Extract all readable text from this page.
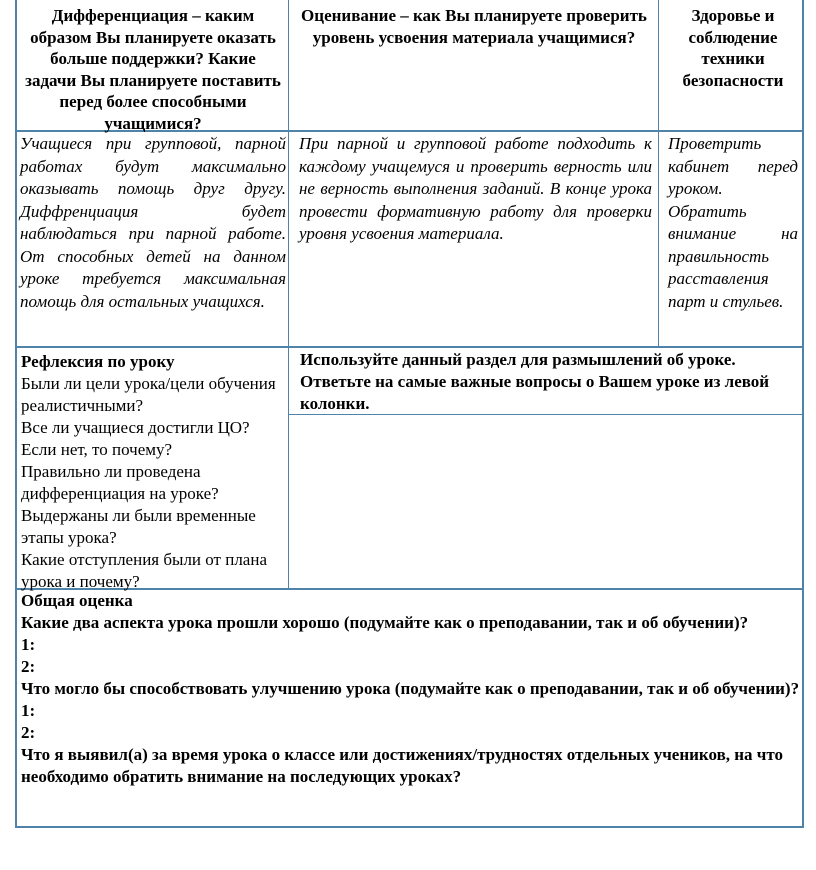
Дифференциация – каким образом Вы планируете оказать больше поддержки? Какие задачи Вы планируете поставить перед более способными учащимися?
Оценивание – как Вы планируете проверить уровень усвоения материала учащимися?
Здоровье и соблюдение техники безопасности
Учащиеся при групповой, парной работах будут максимально оказывать помощь друг другу. Диффренциация будет наблюдаться при парной работе. От способных детей на данном уроке требуется максимальная помощь для остальных учащихся.
При парной и групповой работе подходить к каждому учащемуся и проверить верность или не верность выполнения заданий. В конце урока провести формативную работу для проверки уровня усвоения материала.
Проветрить кабинет перед уроком. Обратить внимание на правильность расставления парт и стульев.
Рефлексия по уроку
Были ли цели урока/цели обучения реалистичными?
Все ли учащиеся достигли ЦО? Если нет, то почему?
Правильно ли проведена дифференциация на уроке?
Выдержаны ли были временные этапы урока?
Какие отступления были от плана урока и почему?
Используйте данный раздел для размышлений об уроке. Ответьте на самые важные вопросы о Вашем уроке из левой колонки.
Общая оценка
Какие два аспекта урока прошли хорошо (подумайте как о преподавании, так и об обучении)?
1:
2:
Что могло бы способствовать улучшению урока (подумайте как о преподавании, так и об обучении)?
1:
2:
Что я выявил(а) за время урока о классе или достижениях/трудностях отдельных учеников, на что необходимо обратить внимание на последующих уроках?
